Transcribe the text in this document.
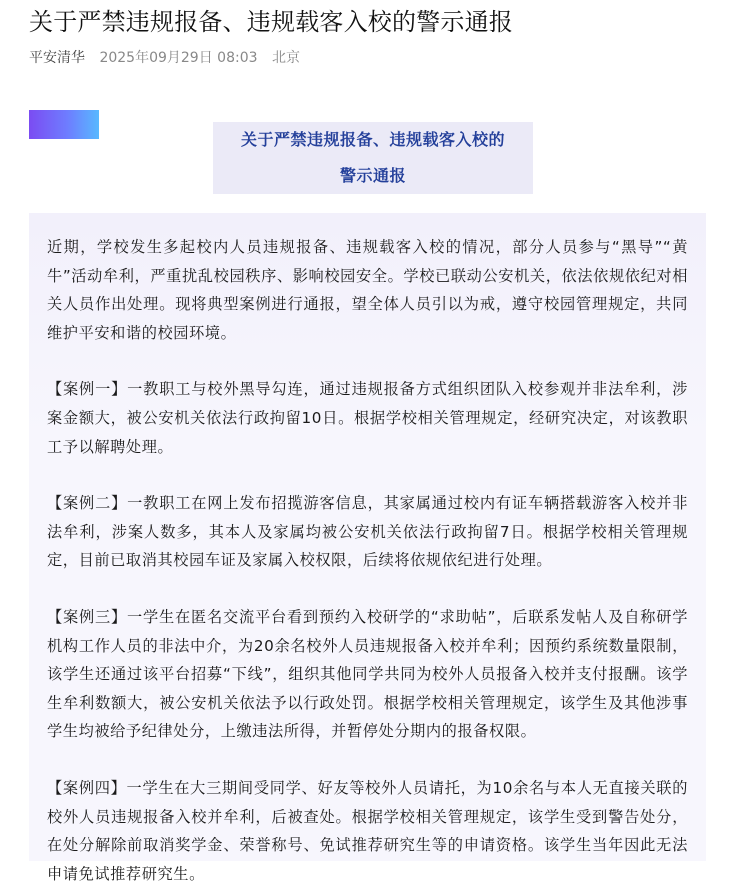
关于严禁违规报备、违规载客入校的警示通报
平安清华 2025年09月29日 08:03 北京
关于严禁违规报备、违规载客入校的
警示通报

近期，学校发生多起校内人员违规报备、违规载客入校的情况，部分人员参与“黑导”“黄牛”活动牟利，严重扰乱校园秩序、影响校园安全。学校已联动公安机关，依法依规依纪对相关人员作出处理。现将典型案例进行通报，望全体人员引以为戒，遵守校园管理规定，共同维护平安和谐的校园环境。

【案例一】一教职工与校外黑导勾连，通过违规报备方式组织团队入校参观并非法牟利，涉案金额大，被公安机关依法行政拘留10日。根据学校相关管理规定，经研究决定，对该教职工予以解聘处理。

【案例二】一教职工在网上发布招揽游客信息，其家属通过校内有证车辆搭载游客入校并非法牟利，涉案人数多，其本人及家属均被公安机关依法行政拘留7日。根据学校相关管理规定，目前已取消其校园车证及家属入校权限，后续将依规依纪进行处理。

【案例三】一学生在匿名交流平台看到预约入校研学的“求助帖”，后联系发帖人及自称研学机构工作人员的非法中介，为20余名校外人员违规报备入校并牟利；因预约系统数量限制，该学生还通过该平台招募“下线”，组织其他同学共同为校外人员报备入校并支付报酬。该学生牟利数额大，被公安机关依法予以行政处罚。根据学校相关管理规定，该学生及其他涉事学生均被给予纪律处分，上缴违法所得，并暂停处分期内的报备权限。

【案例四】一学生在大三期间受同学、好友等校外人员请托，为10余名与本人无直接关联的校外人员违规报备入校并牟利，后被查处。根据学校相关管理规定，该学生受到警告处分，在处分解除前取消奖学金、荣誉称号、免试推荐研究生等的申请资格。该学生当年因此无法申请免试推荐研究生。
